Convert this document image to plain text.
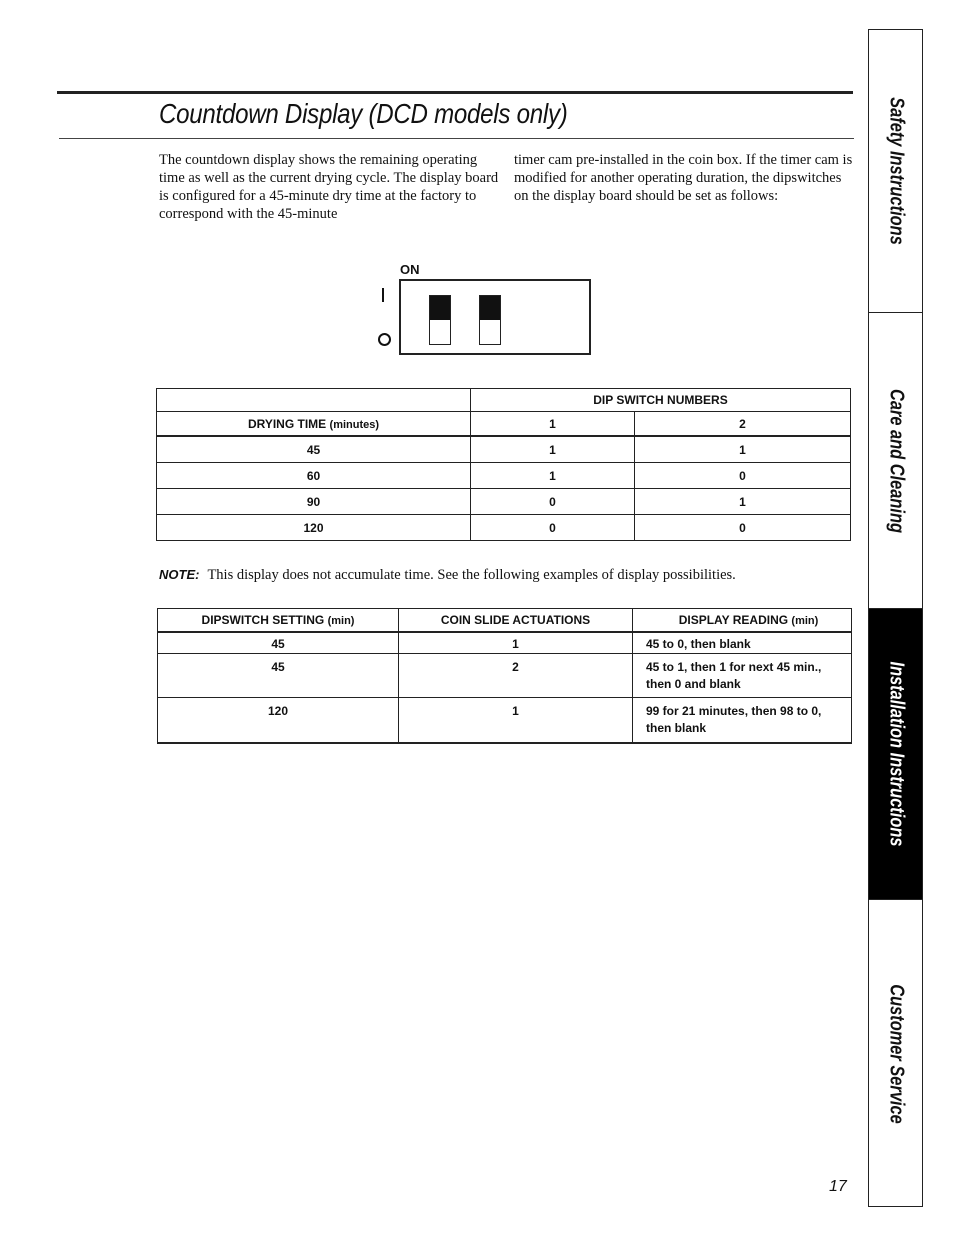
Countdown Display (DCD models only)
The countdown display shows the remaining operating time as well as the current drying cycle. The display board is configured for a 45-minute dry time at the factory to correspond with the 45-minute
timer cam pre-installed in the coin box. If the timer cam is modified for another operating duration, the dipswitches on the display board should be set as follows:
ON
	DIP SWITCH NUMBERS	
DRYING TIME (minutes)	1	2
45	1	1
60	1	0
90	0	1
120	0	0
NOTE: This display does not accumulate time. See the following examples of display possibilities.
DIPSWITCH SETTING (min)	COIN SLIDE ACTUATIONS	DISPLAY READING (min)
45	1	45 to 0, then blank

45	2	45 to 1, then 1 for next 45 min.,
then 0 and blank

120	1	99 for 21 minutes, then 98 to 0,
then blank
Safety Instructions
Care and Cleaning
Installation Instructions
Customer Service
17
